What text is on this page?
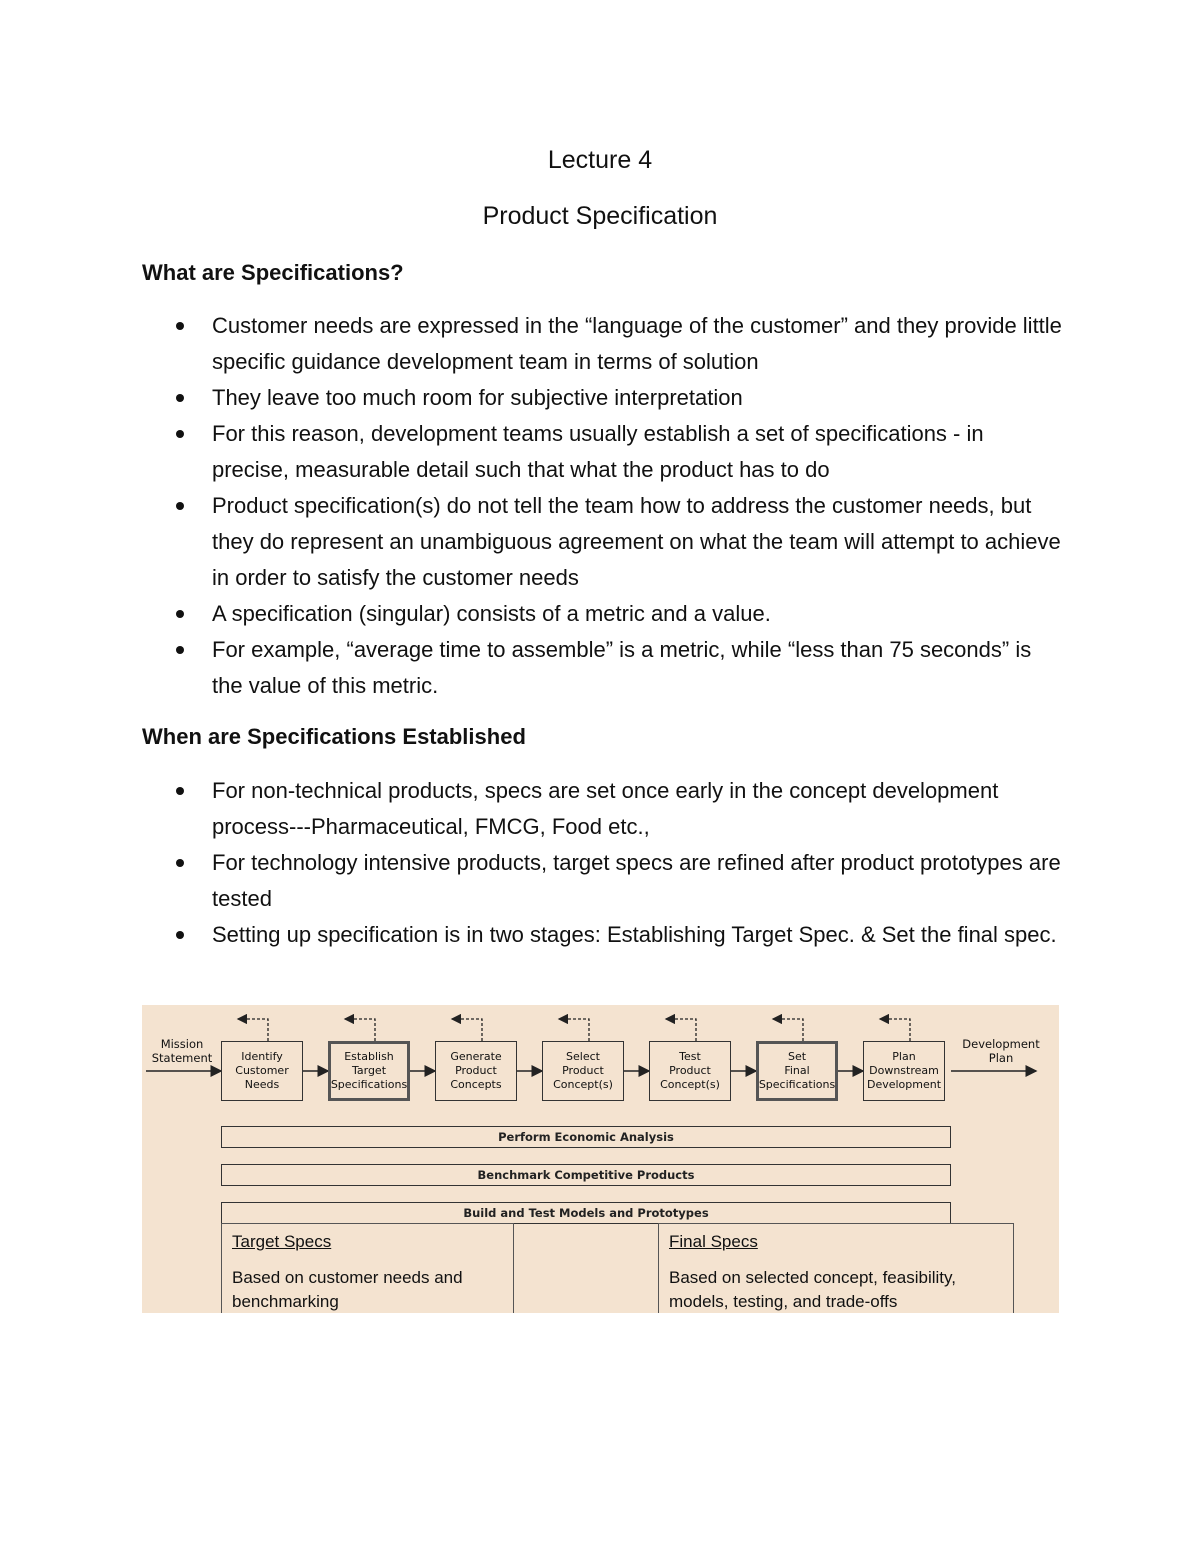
Lecture 4
Product Specification
What are Specifications?
Customer needs are expressed in the “language of the customer” and they provide little specific guidance development team in terms of solution
They leave too much room for subjective interpretation
For this reason, development teams usually establish a set of specifications - in precise, measurable detail such that what the product has to do
Product specification(s) do not tell the team how to address the customer needs, but they do represent an unambiguous agreement on what the team will attempt to achieve in order to satisfy the customer needs
A specification (singular) consists of a metric and a value.
For example, “average time to assemble” is a metric, while “less than 75 seconds” is the value of this metric.
When are Specifications Established
For non-technical products, specs are set once early in the concept development process---Pharmaceutical, FMCG, Food etc.,
For technology intensive products, target specs are refined after product prototypes are tested
Setting up specification is in two stages: Establishing Target Spec. & Set the final spec.
Mission
Statement
Development
Plan
Identify
Customer
Needs
Establish
Target
Specifications
Generate
Product
Concepts
Select
Product
Concept(s)
Test
Product
Concept(s)
Set
Final
Specifications
Plan
Downstream
Development
Perform Economic Analysis
Benchmark Competitive Products
Build and Test Models and Prototypes
Target Specs
Based on customer needs and benchmarking
Final Specs
Based on selected concept, feasibility, models, testing, and trade-offs
